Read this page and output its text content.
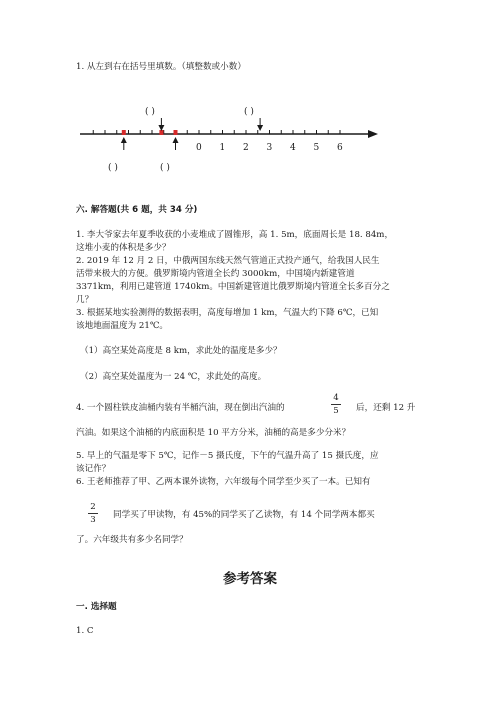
1. 从左到右在括号里填数。（填整数或小数）
0 1 2 3 4 5 6
( )	( )
( )	( )
六. 解答题(共 6 题，共 34 分)
1. 李大爷家去年夏季收获的小麦堆成了圆锥形，高 1. 5m，底面周长是 18. 84m，
这堆小麦的体积是多少？
2. 2019 年 12 月 2 日，中俄两国东线天然气管道正式投产通气，给我国人民生
活带来极大的方便。俄罗斯境内管道全长约 3000km，中国境内新建管道
3371km，利用已建管道 1740km。中国新建管道比俄罗斯境内管道全长多百分之
几？
3. 根据某地实验测得的数据表明，高度每增加 1 km，气温大约下降 6℃，已知
该地地面温度为 21℃。
（1）高空某处高度是 8 km，求此处的温度是多少？
（2）高空某处温度为一 24 ℃，求此处的高度。
4. 一个圆柱铁皮油桶内装有半桶汽油，现在倒出汽油的
4
5 后，还剩 12 升
汽油。如果这个油桶的内底面积是 10 平方分米，油桶的高是多少分米？
5. 早上的气温是零下 5℃，记作－5 摄氏度，下午的气温升高了 15 摄氏度，应
该记作？
6. 王老师推荐了甲、乙两本课外读物，六年级每个同学至少买了一本。已知有
2
3 同学买了甲读物，有 45%的同学买了乙读物，有 14 个同学两本都买
了。六年级共有多少名同学？
参考答案
一. 选择题
1. C
